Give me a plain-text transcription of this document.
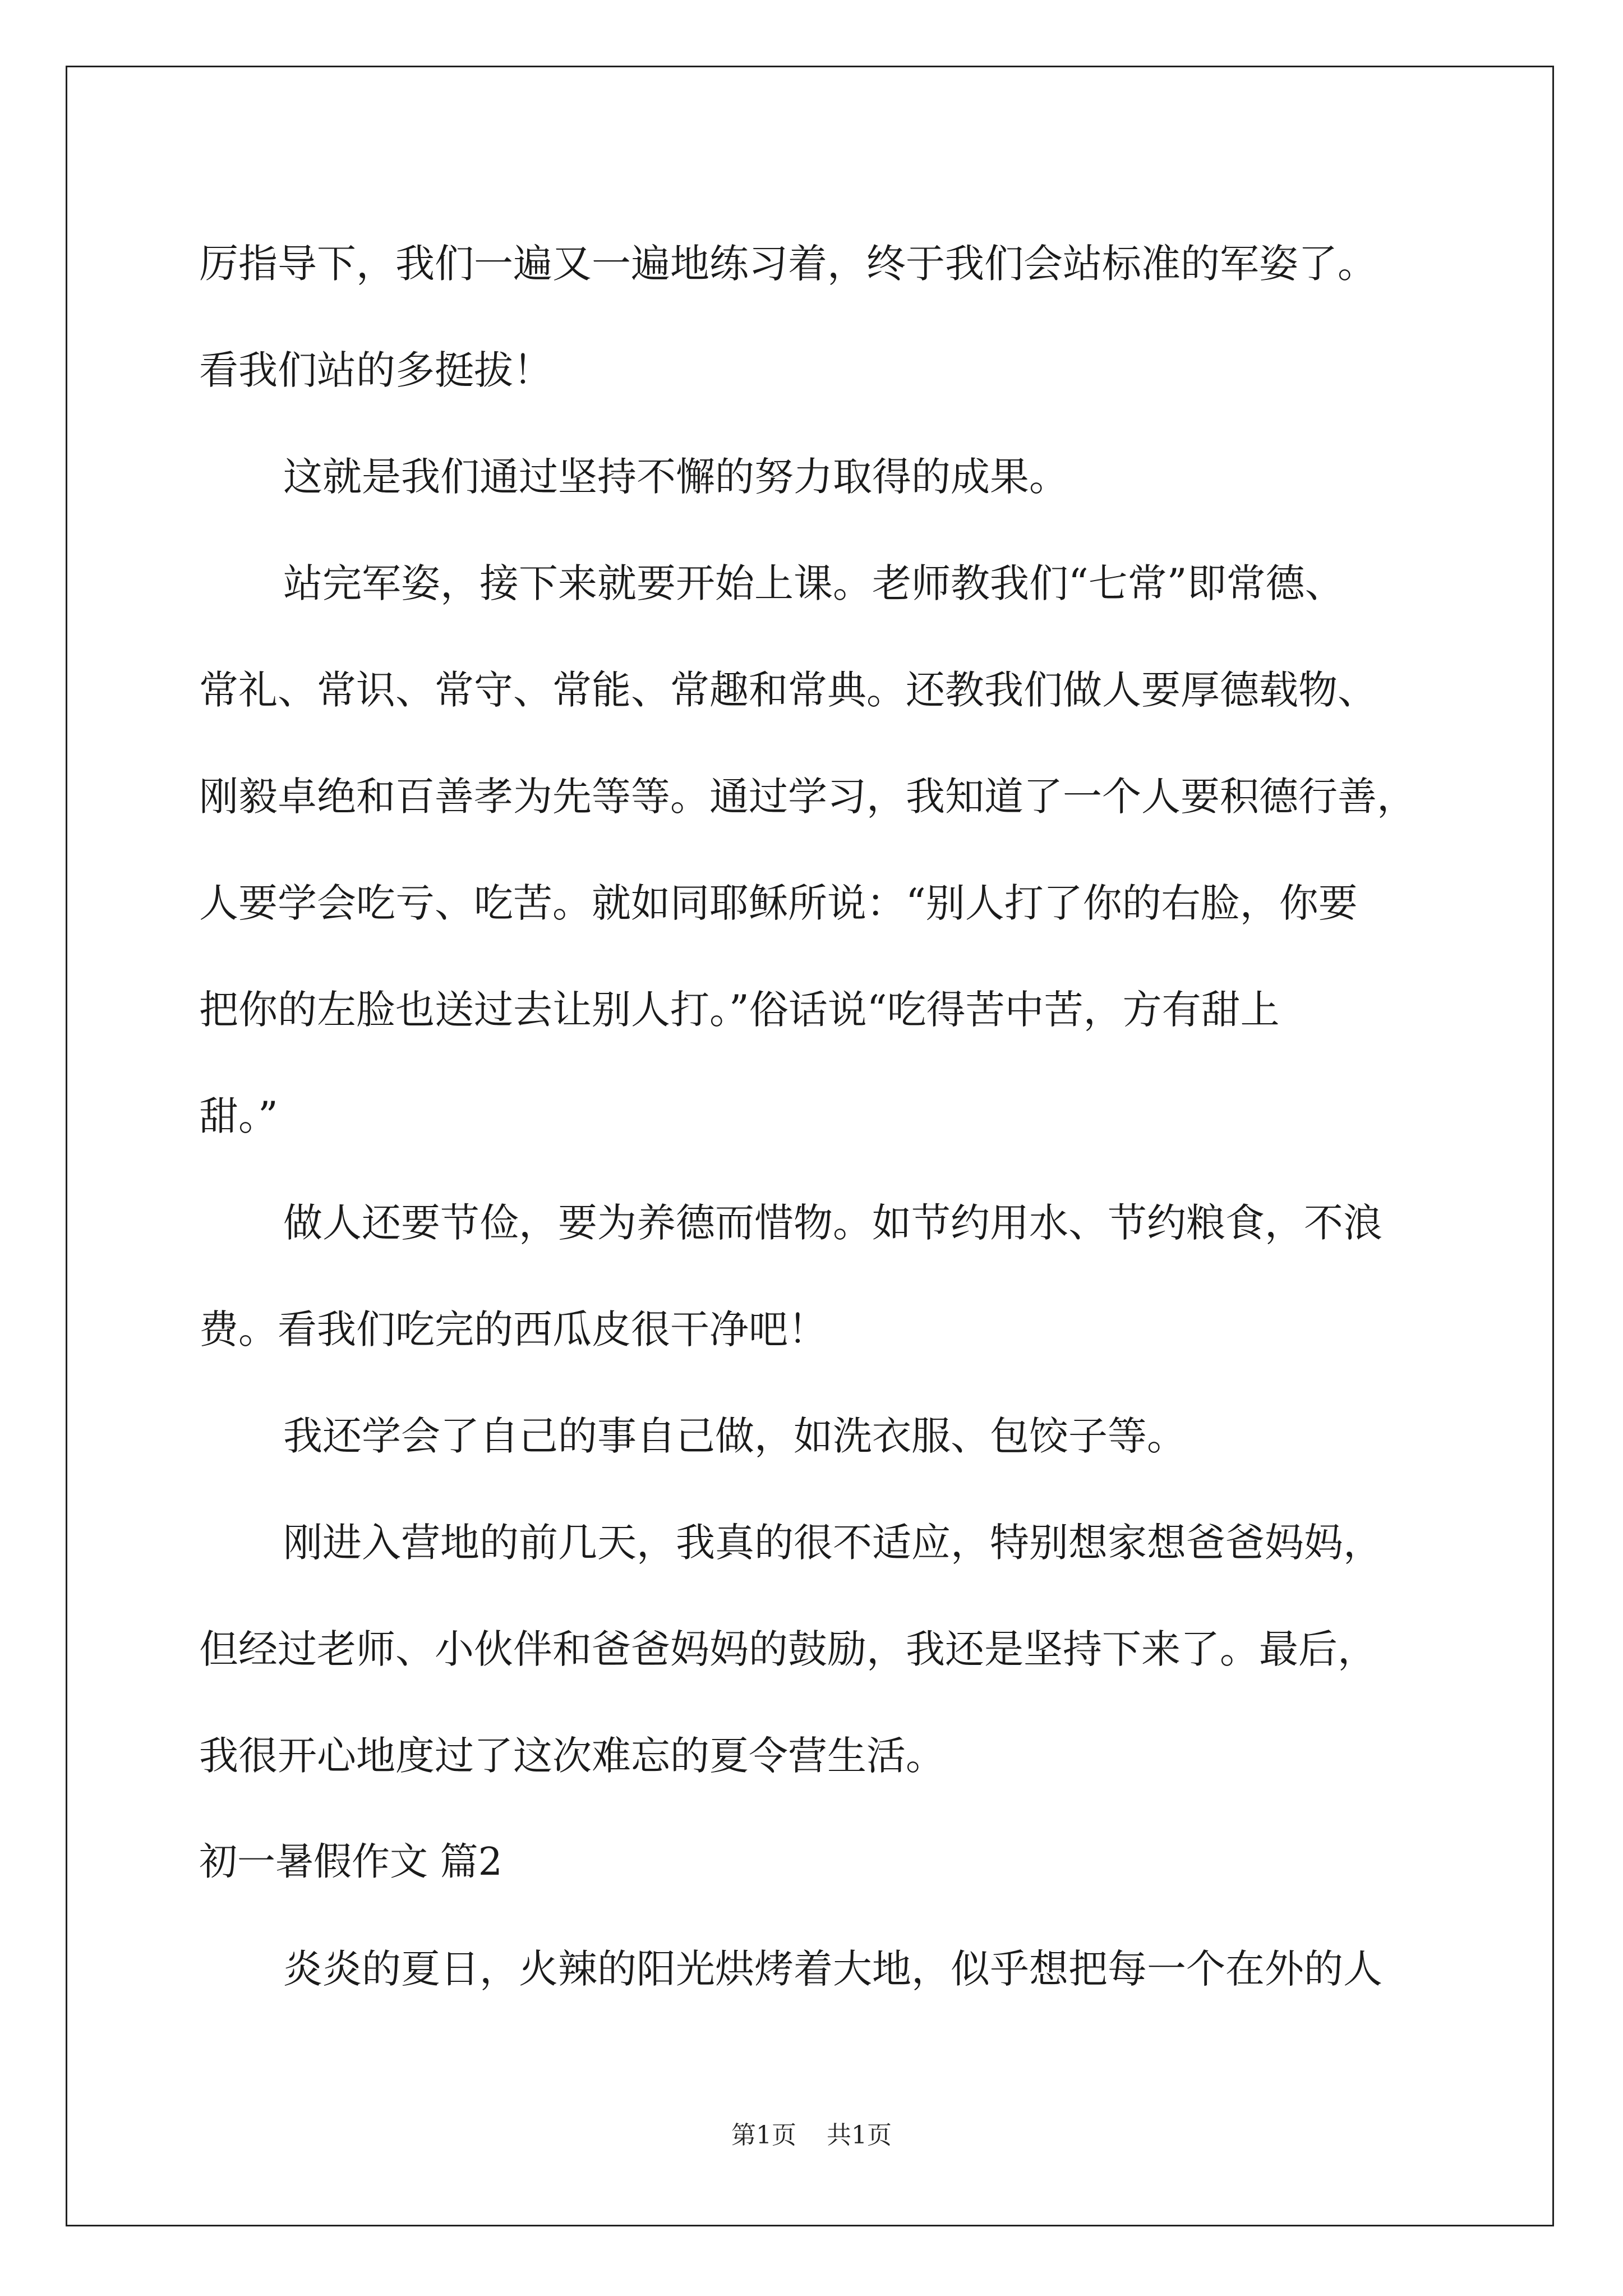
厉指导下，我们一遍又一遍地练习着，终于我们会站标准的军姿了。
看我们站的多挺拔！
这就是我们通过坚持不懈的努力取得的成果。
站完军姿，接下来就要开始上课。老师教我们“七常”即常德、
常礼、常识、常守、常能、常趣和常典。还教我们做人要厚德载物、
刚毅卓绝和百善孝为先等等。通过学习，我知道了一个人要积德行善，
人要学会吃亏、吃苦。就如同耶稣所说：“别人打了你的右脸，你要
把你的左脸也送过去让别人打。”俗话说“吃得苦中苦，方有甜上
甜。”
做人还要节俭，要为养德而惜物。如节约用水、节约粮食，不浪
费。看我们吃完的西瓜皮很干净吧！
我还学会了自己的事自己做，如洗衣服、包饺子等。
刚进入营地的前几天，我真的很不适应，特别想家想爸爸妈妈，
但经过老师、小伙伴和爸爸妈妈的鼓励，我还是坚持下来了。最后，
我很开心地度过了这次难忘的夏令营生活。
初一暑假作文 篇2
炎炎的夏日，火辣的阳光烘烤着大地，似乎想把每一个在外的人
第1页 共1页
